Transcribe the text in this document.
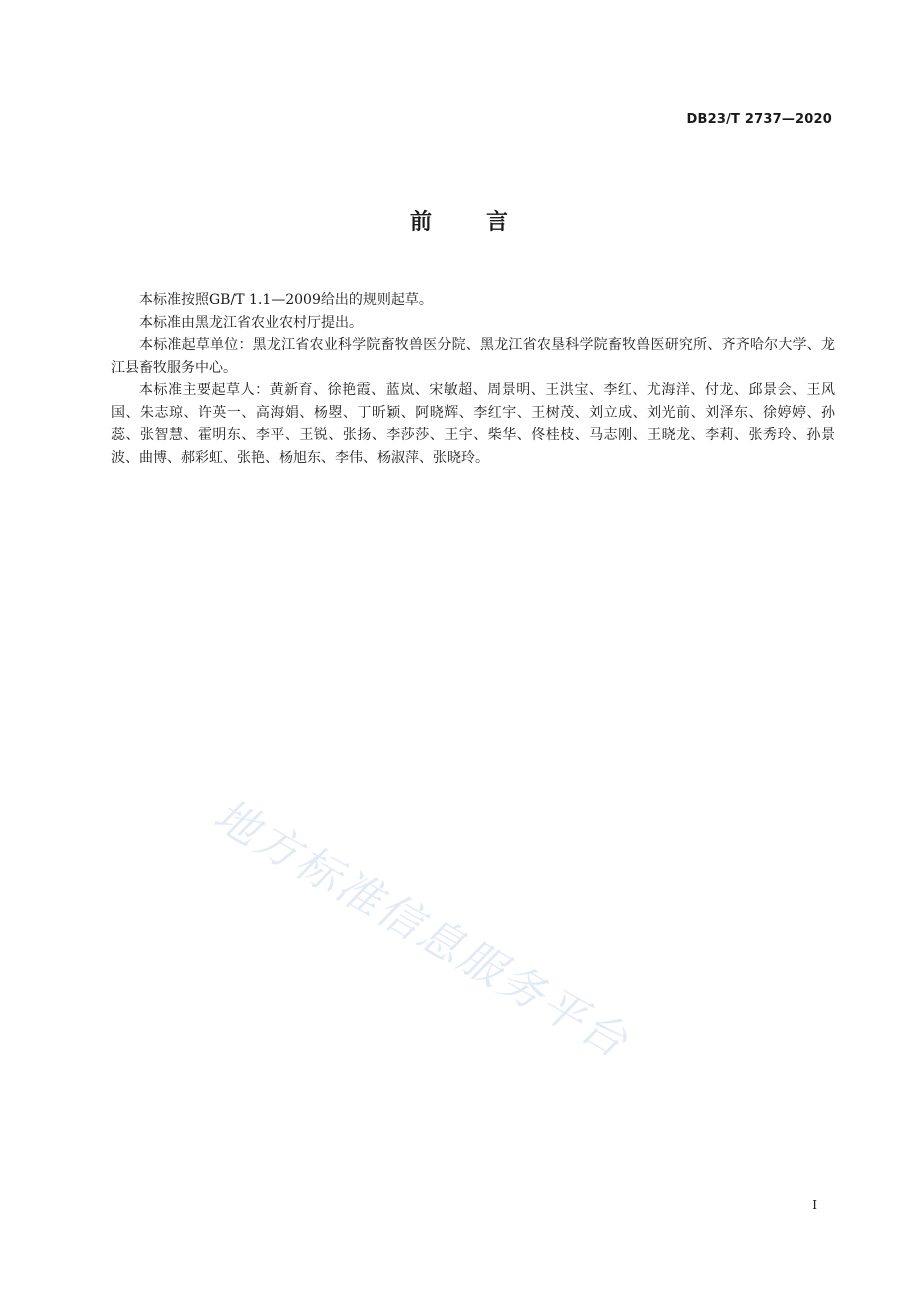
DB23/T 2737—2020
前 言

本标准按照GB/T 1.1—2009给出的规则起草。

本标准由黑龙江省农业农村厅提出。

本标准起草单位：黑龙江省农业科学院畜牧兽医分院、黑龙江省农垦科学院畜牧兽医研究所、齐齐哈尔大学、龙江县畜牧服务中心。

本标准主要起草人：黄新育、徐艳霞、蓝岚、宋敏超、周景明、王洪宝、李红、尤海洋、付龙、邱景会、王风国、朱志琼、许英一、高海娟、杨曌、丁昕颖、阿晓辉、李红宇、王树茂、刘立成、刘光前、刘泽东、徐婷婷、孙蕊、张智慧、霍明东、李平、王锐、张扬、李莎莎、王宇、柴华、佟桂枝、马志刚、王晓龙、李莉、张秀玲、孙景波、曲博、郝彩虹、张艳、杨旭东、李伟、杨淑萍、张晓玲。

地方标准信息服务平台
I
